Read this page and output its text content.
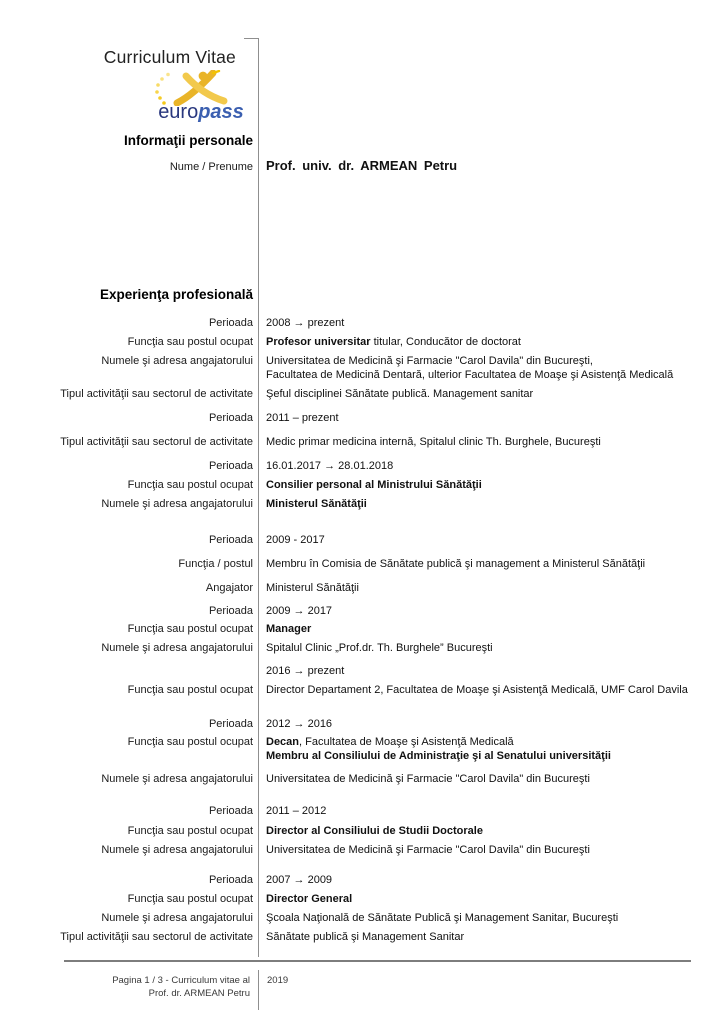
Curriculum Vitae
europass
Informaţii personale
Nume / Prenume	Prof. univ. dr. ARMEAN Petru
Experienţa profesională
Perioada 2008 → prezent
Funcţia sau postul ocupat Profesor universitar titular, Conducător de doctorat
Numele şi adresa angajatorului Universitatea de Medicină şi Farmacie "Carol Davila" din Bucureşti,
Facultatea de Medicină Dentară, ulterior Facultatea de Moaşe şi Asistenţă Medicală
Tipul activităţii sau sectorul de activitate Şeful disciplinei Sănătate publică. Management sanitar
Perioada 2011 – prezent
Tipul activităţii sau sectorul de activitate Medic primar medicina internă, Spitalul clinic Th. Burghele, Bucureşti
Perioada 16.01.2017 → 28.01.2018
Funcţia sau postul ocupat Consilier personal al Ministrului Sănătăţii
Numele şi adresa angajatorului Ministerul Sănătăţii
Perioada 2009 - 2017
Funcţia / postul Membru în Comisia de Sănătate publică şi management a Ministerul Sănătăţii
Angajator Ministerul Sănătăţii
Perioada 2009 → 2017
Funcţia sau postul ocupat Manager
Numele şi adresa angajatorului Spitalul Clinic „Prof.dr. Th. Burghele” Bucureşti
2016 → prezent
Funcţia sau postul ocupat Director Departament 2, Facultatea de Moaşe şi Asistenţă Medicală, UMF Carol Davila
Perioada 2012 → 2016
Funcţia sau postul ocupat Decan, Facultatea de Moaşe şi Asistenţă Medicală
Membru al Consiliului de Administraţie şi al Senatului universităţii
Numele şi adresa angajatorului Universitatea de Medicină şi Farmacie "Carol Davila" din Bucureşti
Perioada 2011 – 2012
Funcţia sau postul ocupat Director al Consiliului de Studii Doctorale
Numele şi adresa angajatorului Universitatea de Medicină şi Farmacie "Carol Davila" din Bucureşti
Perioada 2007 → 2009
Funcţia sau postul ocupat Director General
Numele şi adresa angajatorului Şcoala Naţională de Sănătate Publică şi Management Sanitar, Bucureşti
Tipul activităţii sau sectorul de activitate Sănătate publică şi Management Sanitar
Pagina 1 / 3 - Curriculum vitae al
Prof. dr. ARMEAN Petru
2019
